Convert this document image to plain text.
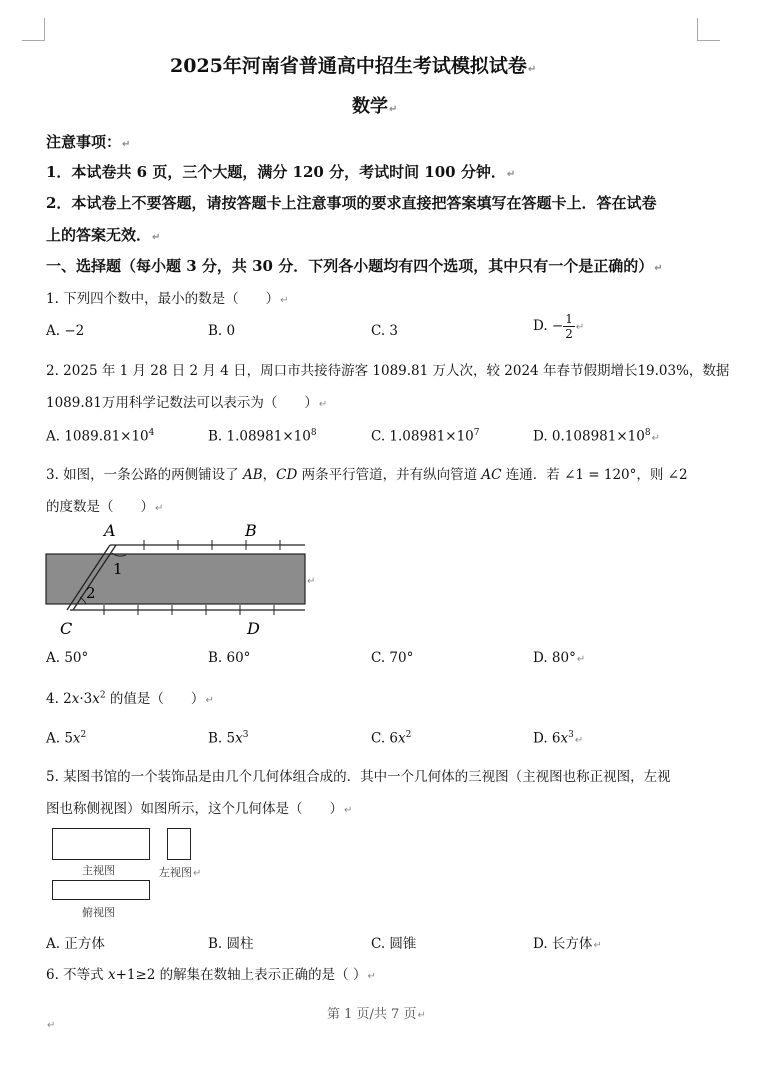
2025年河南省普通高中招生考试模拟试卷↵
数学↵
注意事项：↵
1．本试卷共 6 页，三个大题，满分 120 分，考试时间 100 分钟．↵
2．本试卷上不要答题，请按答题卡上注意事项的要求直接把答案填写在答题卡上．答在试卷
上的答案无效．↵
一、选择题（每小题 3 分，共 30 分．下列各小题均有四个选项，其中只有一个是正确的）↵
1. 下列四个数中，最小的数是（　　）↵
A. −2	B. 0	C. 3	D. − $\frac{1}{2}$ ↵
2. 2025 年 1 月 28 日 2 月 4 日，周口市共接待游客 1089.81 万人次，较 2024 年春节假期增长19.03%，数据
1089.81万用科学记数法可以表示为（　　）↵
A. $1089.81\times 10^4$	B. $1.08981\times 10^8$	C. $1.08981\times 10^7$	D. $0.108981\times 10^8↵$
3. 如图，一条公路的两侧铺设了 AB，CD 两条平行管道，并有纵向管道 AC 连通．若 ∠1 = 120°，则 ∠2
的度数是（　　）↵
A	B
C	D
1
2
↵
A. 50°	B. 60°	C. 70°	D. 80°↵
4. $2x\cdot 3x^2$ 的值是（　　）↵
A. $5x^2$	B. $5x^3$	C. $6x^2$	D. $6x^3↵$
5. 某图书馆的一个装饰品是由几个几何体组合成的．其中一个几何体的三视图（主视图也称正视图，左视
图也称侧视图）如图所示，这个几何体是（　　）↵
主视图	左视图↵
俯视图
A. 正方体	B. 圆柱	C. 圆锥	D. 长方体↵
6. 不等式 x+1≥2 的解集在数轴上表示正确的是（ ）↵
第 1 页/共 7 页↵
↵
